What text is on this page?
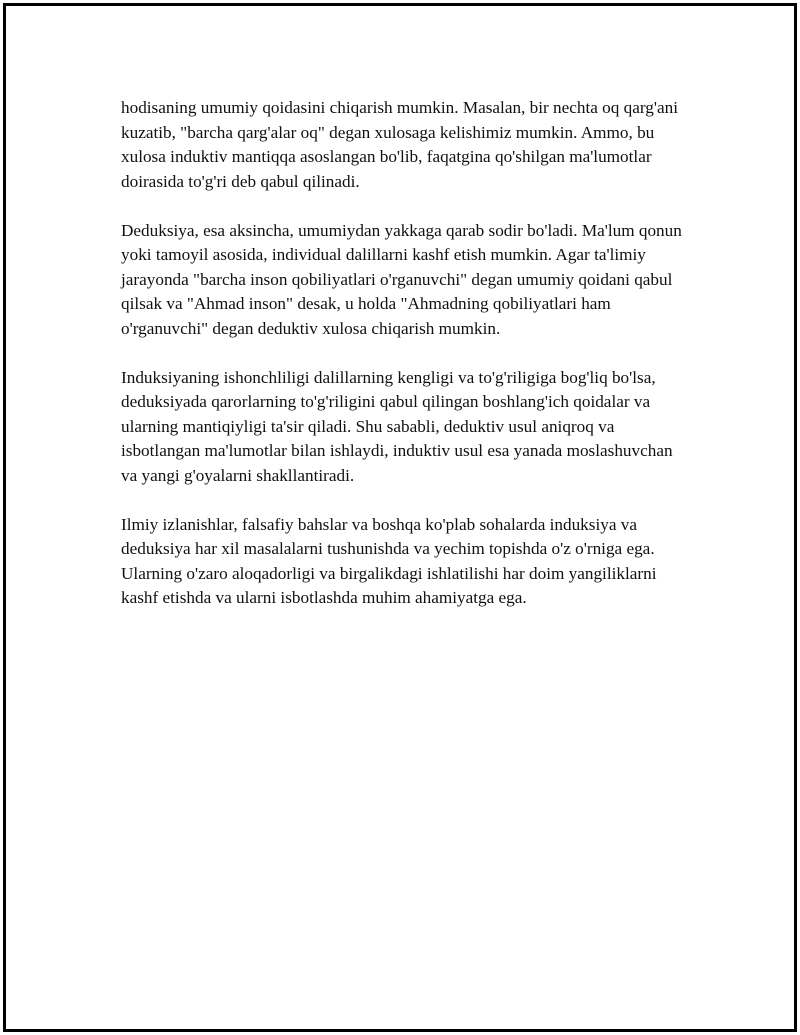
hodisaning umumiy qoidasini chiqarish mumkin. Masalan, bir nechta oq qarg'ani kuzatib, "barcha qarg'alar oq" degan xulosaga kelishimiz mumkin. Ammo, bu xulosa induktiv mantiqqa asoslangan bo'lib, faqatgina qo'shilgan ma'lumotlar doirasida to'g'ri deb qabul qilinadi.

Deduksiya, esa aksincha, umumiydan yakkaga qarab sodir bo'ladi. Ma'lum qonun yoki tamoyil asosida, individual dalillarni kashf etish mumkin. Agar ta'limiy jarayonda "barcha inson qobiliyatlari o'rganuvchi" degan umumiy qoidani qabul qilsak va "Ahmad inson" desak, u holda "Ahmadning qobiliyatlari ham o'rganuvchi" degan deduktiv xulosa chiqarish mumkin.

Induksiyaning ishonchliligi dalillarning kengligi va to'g'riligiga bog'liq bo'lsa, deduksiyada qarorlarning to'g'riligini qabul qilingan boshlang'ich qoidalar va ularning mantiqiyligi ta'sir qiladi. Shu sababli, deduktiv usul aniqroq va isbotlangan ma'lumotlar bilan ishlaydi, induktiv usul esa yanada moslashuvchan va yangi g'oyalarni shakllantiradi.

Ilmiy izlanishlar, falsafiy bahslar va boshqa ko'plab sohalarda induksiya va deduksiya har xil masalalarni tushunishda va yechim topishda o'z o'rniga ega. Ularning o'zaro aloqadorligi va birgalikdagi ishlatilishi har doim yangiliklarni kashf etishda va ularni isbotlashda muhim ahamiyatga ega.
